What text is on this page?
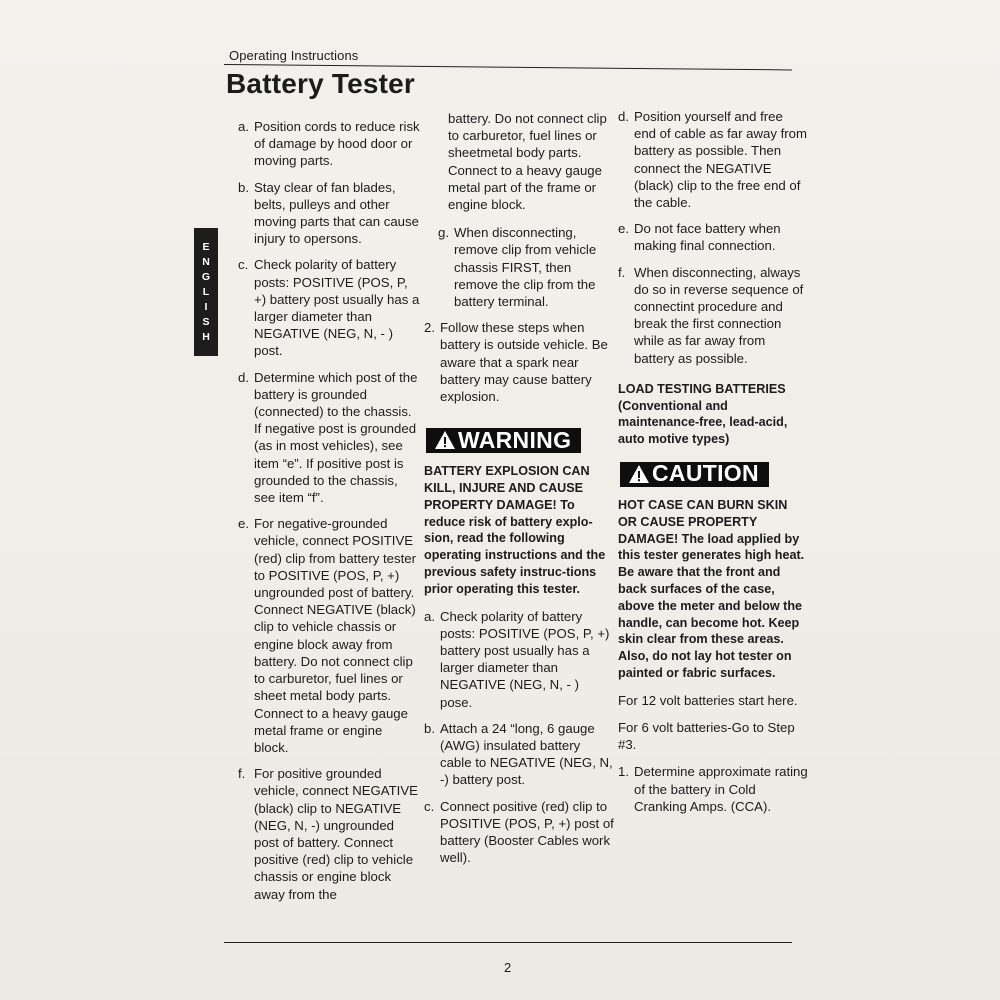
Operating Instructions
Battery Tester
E
N
G
L
I
S
H
a. Position cords to reduce risk of damage by hood door or moving parts.
b. Stay clear of fan blades, belts, pulleys and other moving parts that can cause injury to opersons.
c. Check polarity of battery posts: POSITIVE (POS, P, +) battery post usually has a larger diameter than NEGATIVE (NEG, N, - ) post.
d. Determine which post of the battery is grounded (connected) to the chassis. If negative post is grounded (as in most vehicles), see item “e”. If positive post is grounded to the chassis, see item “f”.
e. For negative-grounded vehicle, connect POSITIVE (red) clip from battery tester to POSITIVE (POS, P, +) ungrounded post of battery. Connect NEGATIVE (black) clip to vehicle chassis or engine block away from battery. Do not connect clip to carburetor, fuel lines or sheet metal body parts. Connect to a heavy gauge metal frame or engine block.
f. For positive grounded vehicle, connect NEGATIVE (black) clip to NEGATIVE (NEG, N, -) ungrounded post of battery. Connect positive (red) clip to vehicle chassis or engine block away from the
battery. Do not connect clip to carburetor, fuel lines or sheetmetal body parts. Connect to a heavy gauge metal part of the frame or engine block.
g. When disconnecting, remove clip from vehicle chassis FIRST, then remove the clip from the battery terminal.
2. Follow these steps when battery is outside vehicle. Be aware that a spark near battery may cause battery explosion.
WARNING
BATTERY EXPLOSION CAN KILL, INJURE AND CAUSE PROPERTY DAMAGE! To reduce risk of battery explo-sion, read the following operating instructions and the previous safety instruc-tions prior operating this tester.
a. Check polarity of battery posts: POSITIVE (POS, P, +) battery post usually has a larger diameter than NEGATIVE (NEG, N, - ) pose.
b. Attach a 24 “long, 6 gauge (AWG) insulated battery cable to NEGATIVE (NEG, N, -) battery post.
c. Connect positive (red) clip to POSITIVE (POS, P, +) post of battery (Booster Cables work well).
d. Position yourself and free end of cable as far away from battery as possible. Then connect the NEGATIVE (black) clip to the free end of the cable.
e. Do not face battery when making final connection.
f. When disconnecting, always do so in reverse sequence of connectint procedure and break the first connection while as far away from battery as possible.
LOAD TESTING BATTERIES (Conventional and maintenance-free, lead-acid, auto motive types)
CAUTION
HOT CASE CAN BURN SKIN OR CAUSE PROPERTY DAMAGE! The load applied by this tester generates high heat. Be aware that the front and back surfaces of the case, above the meter and below the handle, can become hot. Keep skin clear from these areas. Also, do not lay hot tester on painted or fabric surfaces.
For 12 volt batteries start here.
For 6 volt batteries-Go to Step #3.
1. Determine approximate rating of the battery in Cold Cranking Amps. (CCA).
2
